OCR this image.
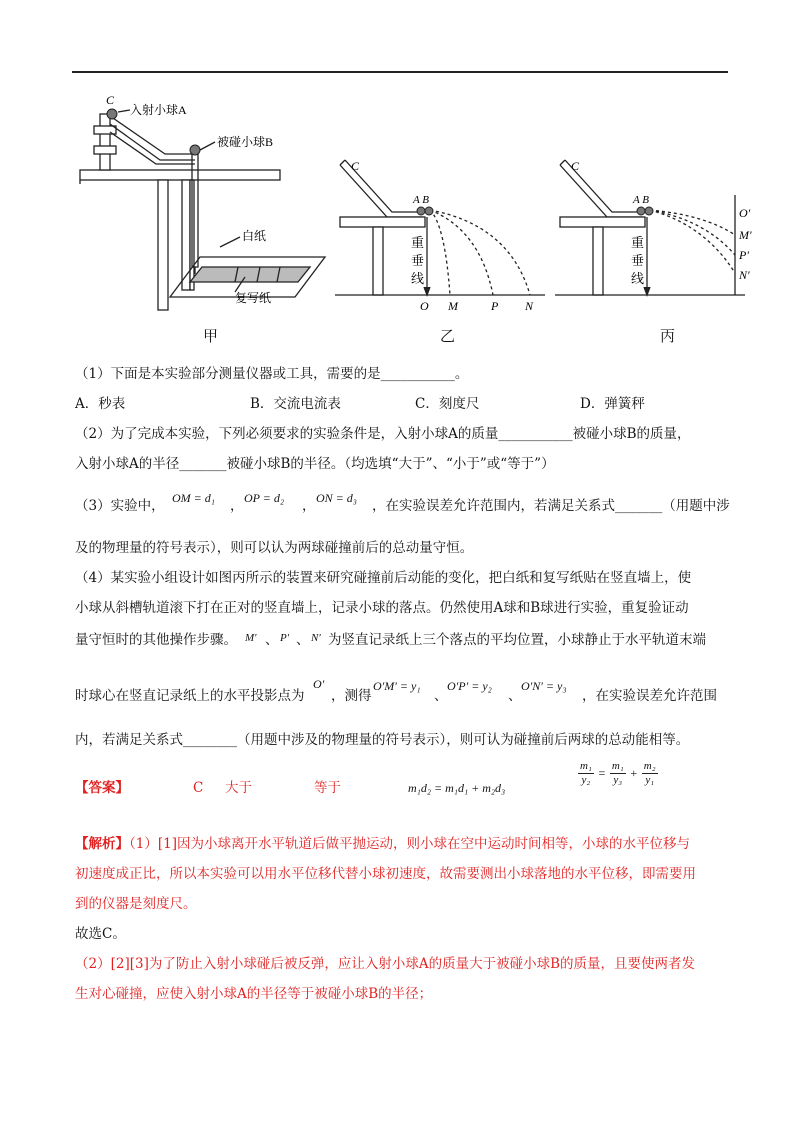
C
入射小球A
被碰小球B
白纸
复写纸
C
A B
重垂线
O M	P N
C
A B
重垂线
O′
M′
P′
N′
甲	乙	丙
（1）下面是本实验部分测量仪器或工具，需要的是___________。
A．秒表	B．交流电流表	C．刻度尺	D．弹簧秤
（2）为了完成本实验，下列必须要求的实验条件是，入射小球A的质量___________被碰小球B的质量，
入射小球A的半径_______被碰小球B的半径。（均选填“大于”、“小于”或“等于”）
（3）实验中， OM = d₁ ， OP = d₂ ， ON = d₃ ，在实验误差允许范围内，若满足关系式_______（用题中涉
及的物理量的符号表示），则可以认为两球碰撞前后的总动量守恒。
（4）某实验小组设计如图丙所示的装置来研究碰撞前后动能的变化，把白纸和复写纸贴在竖直墙上，使
小球从斜槽轨道滚下打在正对的竖直墙上，记录小球的落点。仍然使用A球和B球进行实验，重复验证动
量守恒时的其他操作步骤。 M′ 、 P′ 、 N′ 为竖直记录纸上三个落点的平均位置，小球静止于水平轨道末端
时球心在竖直记录纸上的水平投影点为
O′
，测得
O′M′ = y₁
、
O′P′ = y₂
、
O′N′ = y₃
，在实验误差允许范围
内，若满足关系式________（用题中涉及的物理量的符号表示），则可认为碰撞前后两球的总动能相等。
【答案】	C 大于	等于	m₁d₂ = m₁d₁ + m₂d₃
$\frac{\text{m₁}}{\text{y₂}} = \frac{\text{m₁}}{\text{y₃}} + \frac{\text{m₂}}{\text{y₁}}$
【解析】（1）[1]因为小球离开水平轨道后做平抛运动，则小球在空中运动时间相等，小球的水平位移与
初速度成正比，所以本实验可以用水平位移代替小球初速度，故需要测出小球落地的水平位移，即需要用
到的仪器是刻度尺。
故选C。
（2）[2][3]为了防止入射小球碰后被反弹，应让入射小球A的质量大于被碰小球B的质量，且要使两者发
生对心碰撞，应使入射小球A的半径等于被碰小球B的半径；
